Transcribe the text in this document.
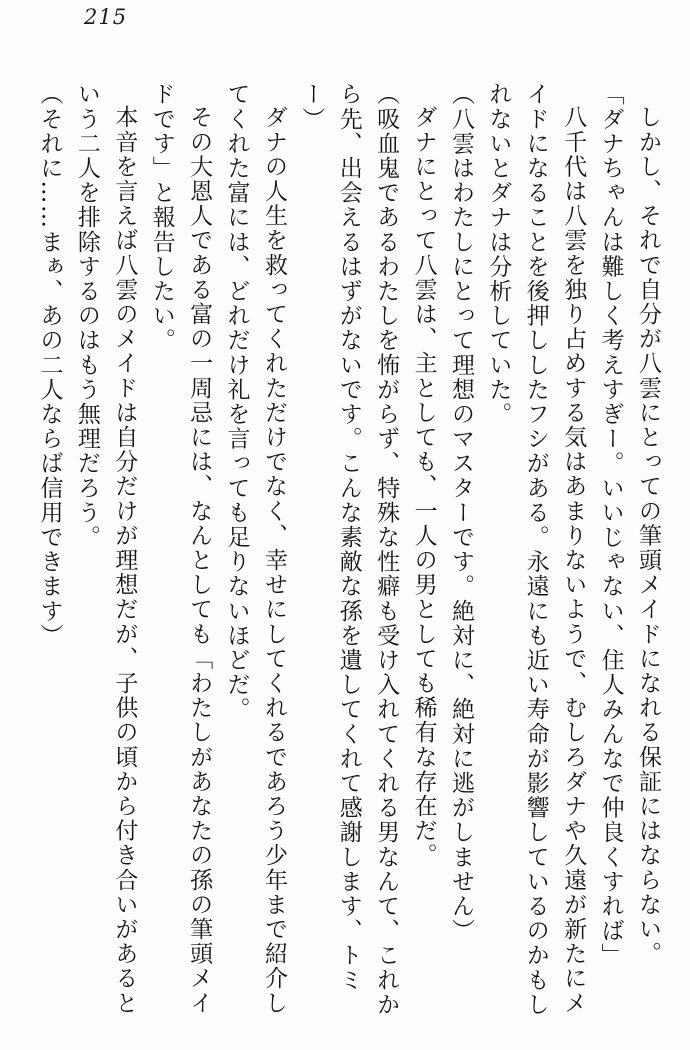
215

しかし、それで自分が八雲にとっての筆頭メイドになれる保証にはならない。

「ダナちゃんは難しく考えすぎー。いいじゃない、住人みんなで仲良くすれば」

八千代は八雲を独り占めする気はあまりないようで、むしろダナや久遠が新たにメイドになることを後押ししたフシがある。永遠にも近い寿命が影響しているのかもしれないとダナは分析していた。

（八雲はわたしにとって理想のマスターです。絶対に、絶対に逃がしません）

ダナにとって八雲は、主としても、一人の男としても稀有な存在だ。

（吸血鬼であるわたしを怖がらず、特殊な性癖も受け入れてくれる男なんて、これから先、出会えるはずがないです。こんな素敵な孫を遺してくれて感謝します、トミー）

ダナの人生を救ってくれただけでなく、幸せにしてくれるであろう少年まで紹介してくれた富には、どれだけ礼を言っても足りないほどだ。

その大恩人である富の一周忌には、なんとしても「わたしがあなたの孫の筆頭メイドです」と報告したい。

本音を言えば八雲のメイドは自分だけが理想だが、子供の頃から付き合いがあるという二人を排除するのはもう無理だろう。

（それに……まぁ、あの二人ならば信用できます）
